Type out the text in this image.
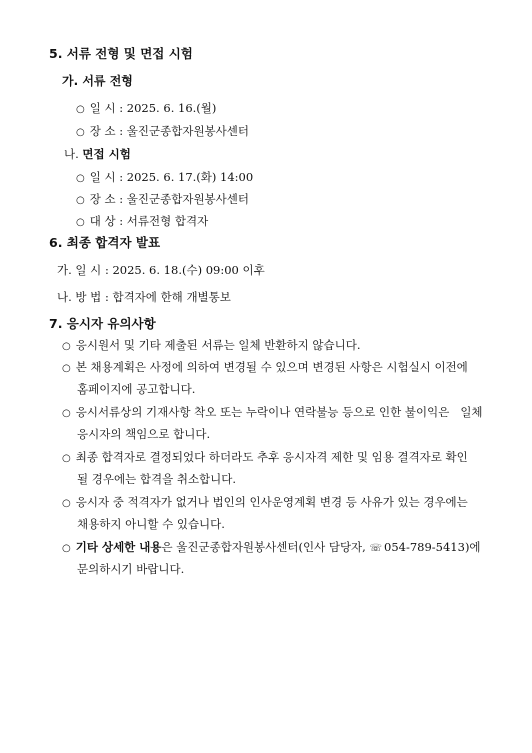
5. 서류 전형 및 면접 시험
가. 서류 전형
○ 일 시 : 2025. 6. 16.(월)
○ 장 소 : 울진군종합자원봉사센터
나. 면접 시험
○ 일 시 : 2025. 6. 17.(화) 14:00
○ 장 소 : 울진군종합자원봉사센터
○ 대 상 : 서류전형 합격자
6. 최종 합격자 발표
가. 일 시 : 2025. 6. 18.(수) 09:00 이후
나. 방 법 : 합격자에 한해 개별통보
7. 응시자 유의사항
○ 응시원서 및 기타 제출된 서류는 일체 반환하지 않습니다.
○ 본 채용계획은 사정에 의하여 변경될 수 있으며 변경된 사항은 시험실시 이전에
홈페이지에 공고합니다.
○ 응시서류상의 기재사항 착오 또는 누락이나 연락불능 등으로 인한 불이익은   일체
응시자의 책임으로 합니다.
○ 최종 합격자로 결정되었다 하더라도 추후 응시자격 제한 및 임용 결격자로 확인
될 경우에는 합격을 취소합니다.
○ 응시자 중 적격자가 없거나 법인의 인사운영계획 변경 등 사유가 있는 경우에는
채용하지 아니할 수 있습니다.
○ 기타 상세한 내용은 울진군종합자원봉사센터(인사 담당자, ☏ 054-789-5413)에
문의하시기 바랍니다.
